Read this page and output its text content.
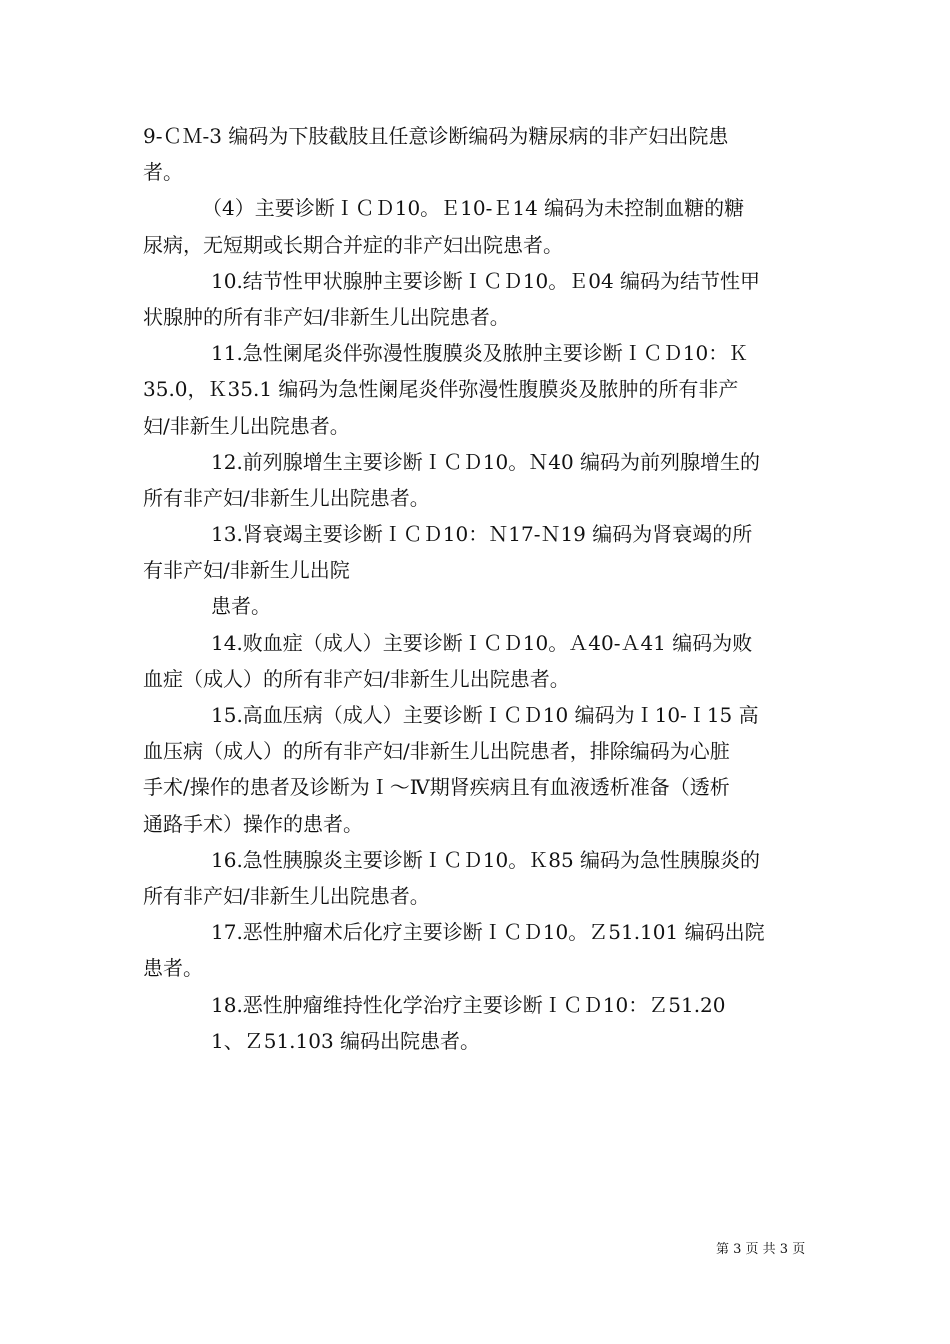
9-ＣＭ-3 编码为下肢截肢且任意诊断编码为糖尿病的非产妇出院患
者。
（4）主要诊断ＩＣＤ10。Ｅ10-Ｅ14 编码为未控制血糖的糖
尿病，无短期或长期合并症的非产妇出院患者。
10.结节性甲状腺肿主要诊断ＩＣＤ10。Ｅ04 编码为结节性甲
状腺肿的所有非产妇/非新生儿出院患者。
11.急性阑尾炎伴弥漫性腹膜炎及脓肿主要诊断ＩＣＤ10：Ｋ
35.0，Ｋ35.1 编码为急性阑尾炎伴弥漫性腹膜炎及脓肿的所有非产
妇/非新生儿出院患者。
12.前列腺增生主要诊断ＩＣＤ10。Ｎ40 编码为前列腺增生的
所有非产妇/非新生儿出院患者。
13.肾衰竭主要诊断ＩＣＤ10：Ｎ17-Ｎ19 编码为肾衰竭的所
有非产妇/非新生儿出院
患者。
14.败血症（成人）主要诊断ＩＣＤ10。Ａ40-Ａ41 编码为败
血症（成人）的所有非产妇/非新生儿出院患者。
15.高血压病（成人）主要诊断ＩＣＤ10 编码为Ｉ10-Ｉ15 高
血压病（成人）的所有非产妇/非新生儿出院患者，排除编码为心脏
手术/操作的患者及诊断为Ｉ～Ⅳ期肾疾病且有血液透析准备（透析
通路手术）操作的患者。
16.急性胰腺炎主要诊断ＩＣＤ10。Ｋ85 编码为急性胰腺炎的
所有非产妇/非新生儿出院患者。
17.恶性肿瘤术后化疗主要诊断ＩＣＤ10。Ｚ51.101 编码出院
患者。
18.恶性肿瘤维持性化学治疗主要诊断ＩＣＤ10：Ｚ51.20
1、Ｚ51.103 编码出院患者。
第 3 页 共 3 页
